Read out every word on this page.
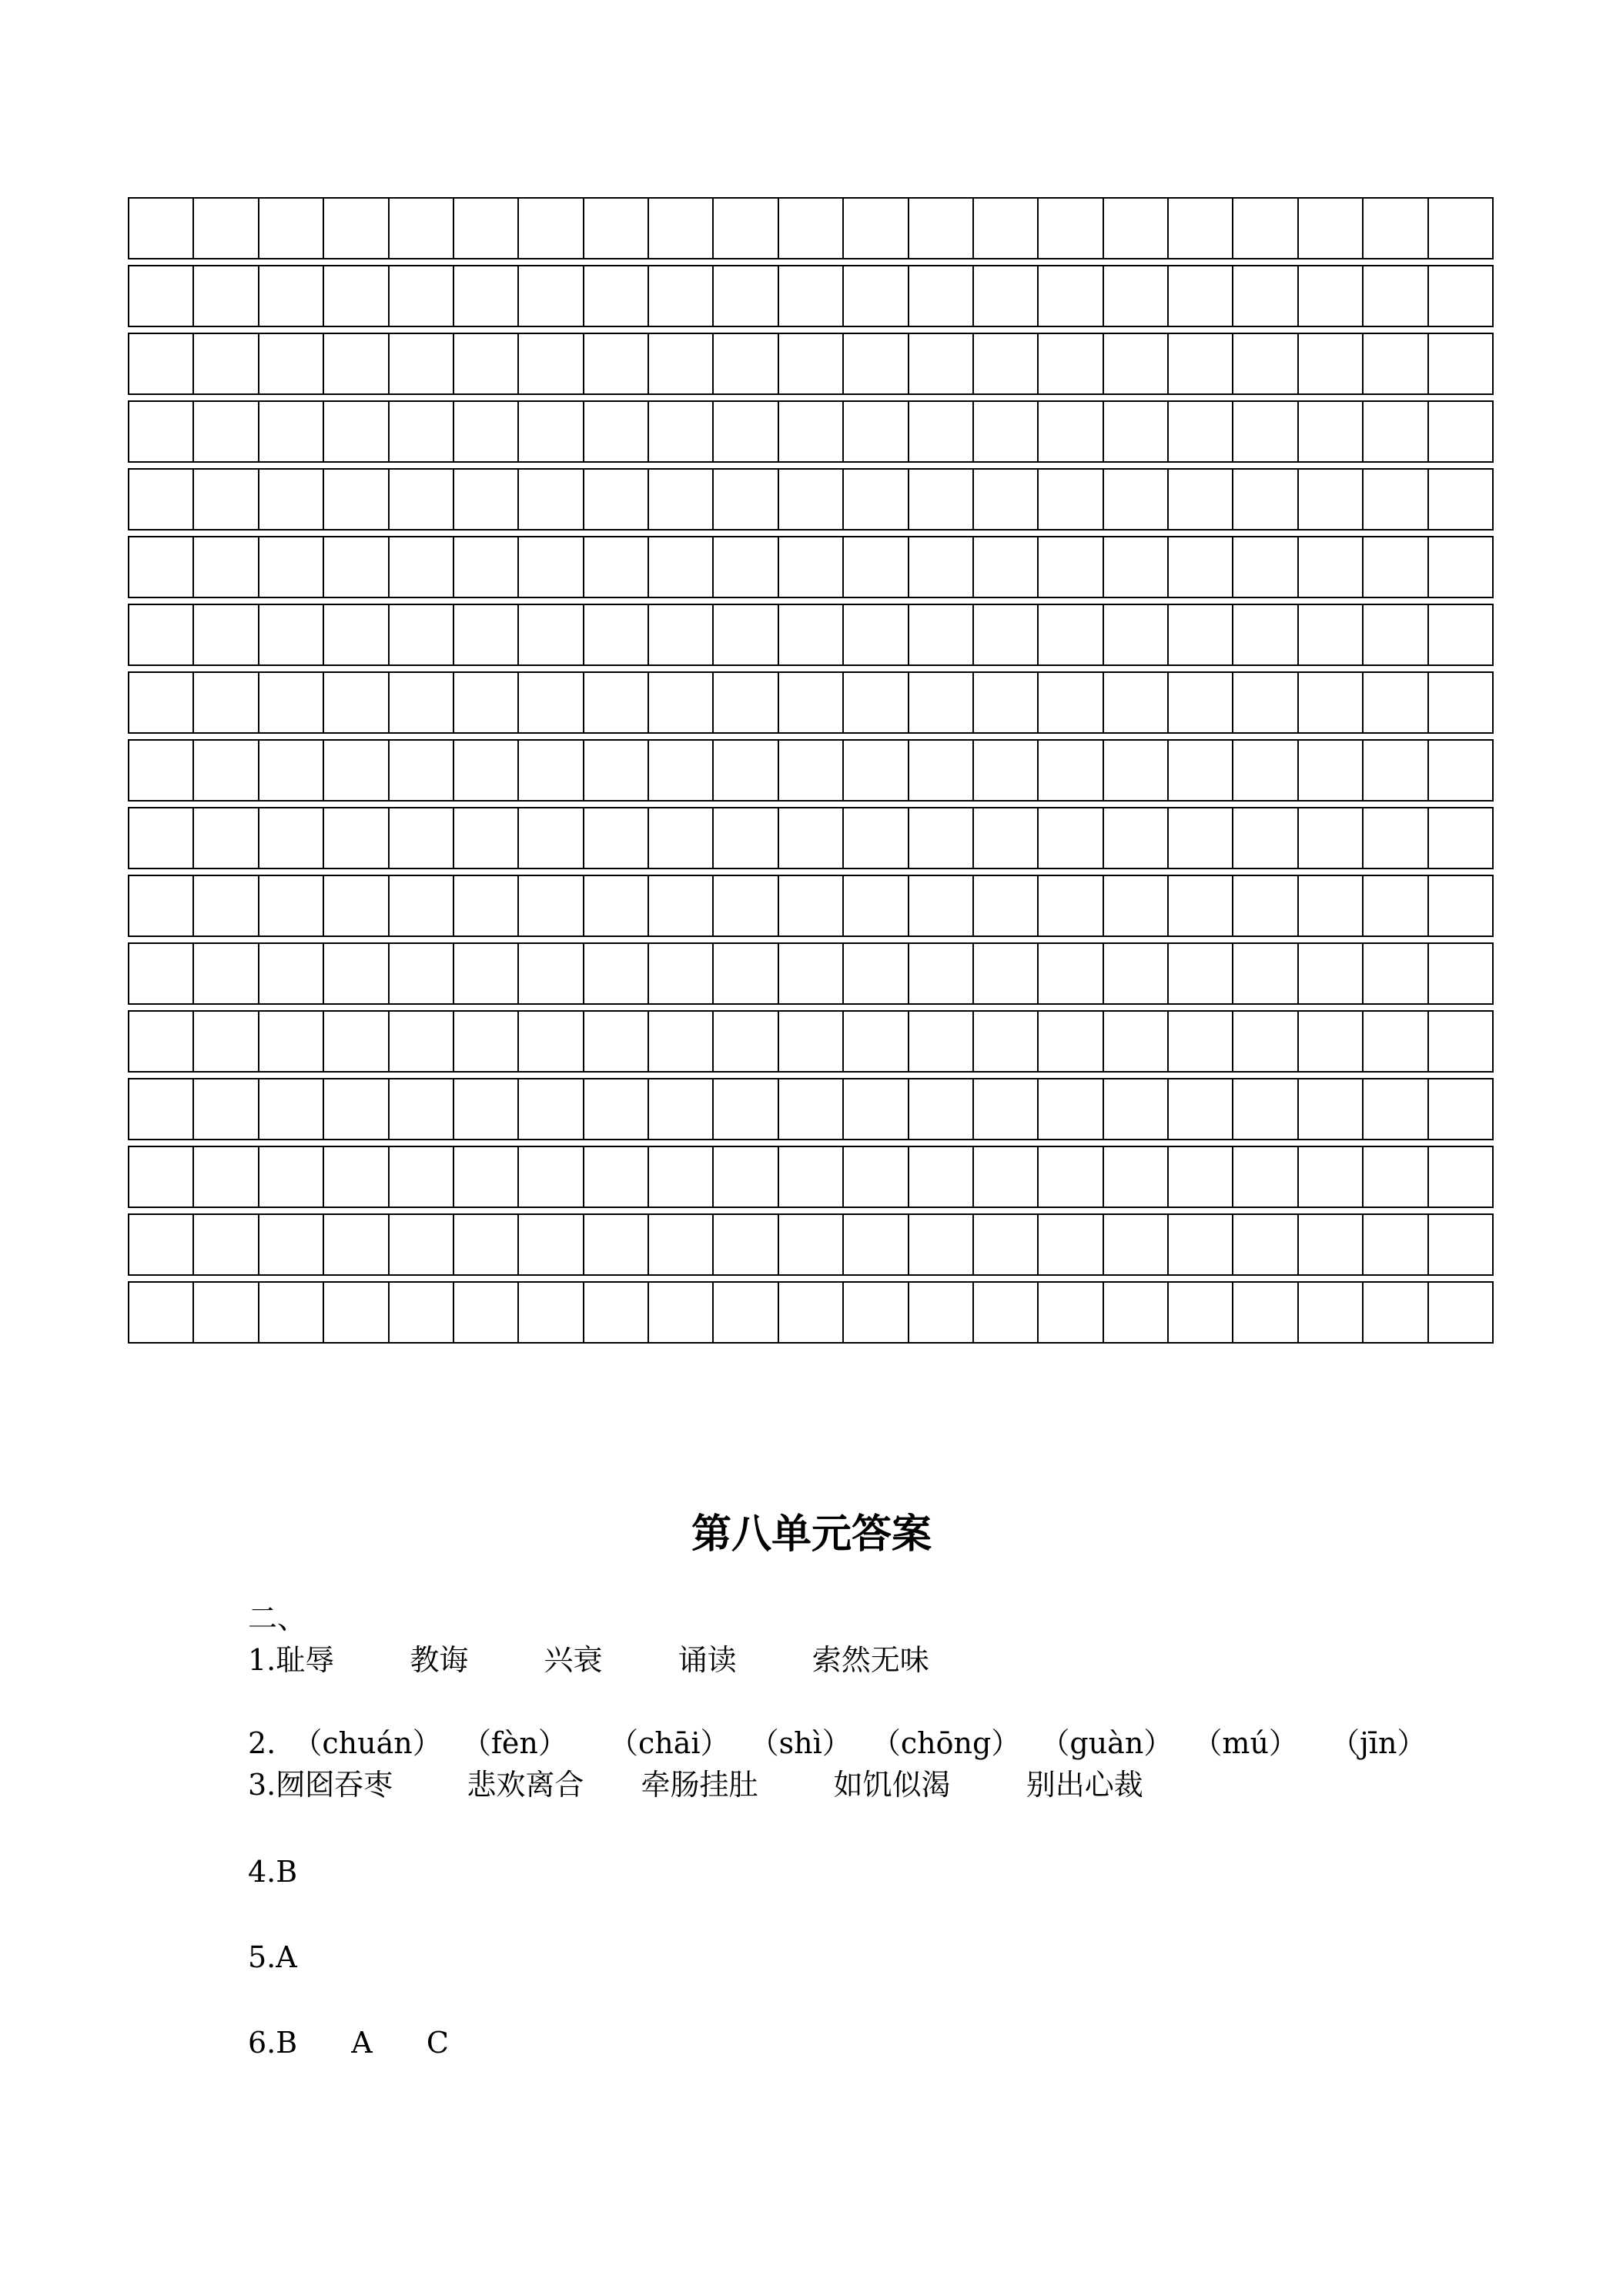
第八单元答案
二、
1.耻辱	教诲	兴衰	诵读	索然无味
2. （chuán） （fèn） （chāi） （shì） （chōng） （guàn） （mú） （jīn）
3.囫囵吞枣	悲欢离合 牵肠挂肚	如饥似渴	别出心裁
4.B
5.A
6.B A C
